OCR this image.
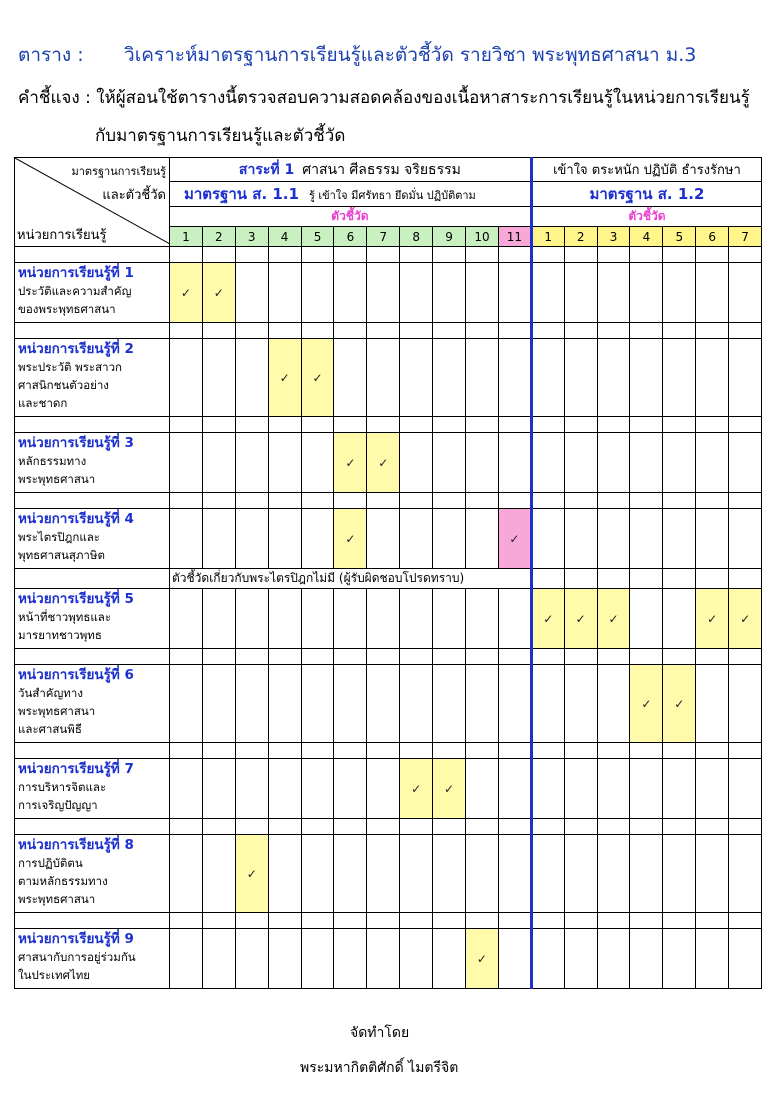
ตาราง : วิเคราะห์มาตรฐานการเรียนรู้และตัวชี้วัด รายวิชา พระพุทธศาสนา ม.3
คำชี้แจง : ให้ผู้สอนใช้ตารางนี้ตรวจสอบความสอดคล้องของเนื้อหาสาระการเรียนรู้ในหน่วยการเรียนรู้
กับมาตรฐานการเรียนรู้และตัวชี้วัด
มาตรฐานการเรียนรู้
และตัวชี้วัด
หน่วยการเรียนรู้	สาระที่ 1 ศาสนา ศีลธรรม จริยธรรม											เข้าใจ ตระหนัก ปฏิบัติ ธำรงรักษา						
	มาตรฐาน ส. 1.1 รู้ เข้าใจ มีศรัทธา ยึดมั่น ปฏิบัติตาม											มาตรฐาน ส. 1.2						
	ตัวชี้วัด											ตัวชี้วัด						
	1	2	3	4	5	6	7	8	9	10	11	1	2	3	4	5	6	7

หน่วยการเรียนรู้ที่ 1
ประวัติและความสำคัญ
ของพระพุทธศาสนา	✓	✓																

หน่วยการเรียนรู้ที่ 2
พระประวัติ พระสาวก
ศาสนิกชนตัวอย่าง
และชาดก				✓	✓													

หน่วยการเรียนรู้ที่ 3
หลักธรรมทาง
พระพุทธศาสนา						✓	✓											

หน่วยการเรียนรู้ที่ 4
พระไตรปิฎกและ
พุทธศาสนสุภาษิต						✓					✓							
	ตัวชี้วัดเกี่ยวกับพระไตรปิฎกไม่มี (ผู้รับผิดชอบโปรดทราบ)																	

หน่วยการเรียนรู้ที่ 5
หน้าที่ชาวพุทธและ
มารยาทชาวพุทธ												✓	✓	✓			✓	✓

หน่วยการเรียนรู้ที่ 6
วันสำคัญทาง
พระพุทธศาสนา
และศาสนพิธี															✓	✓		

หน่วยการเรียนรู้ที่ 7
การบริหารจิตและ
การเจริญปัญญา								✓	✓									

หน่วยการเรียนรู้ที่ 8
การปฏิบัติตน
ตามหลักธรรมทาง
พระพุทธศาสนา			✓															

หน่วยการเรียนรู้ที่ 9
ศาสนากับการอยู่ร่วมกัน
ในประเทศไทย										✓								
จัดทำโดย
พระมหากิตติศักดิ์ ไมตรีจิต
